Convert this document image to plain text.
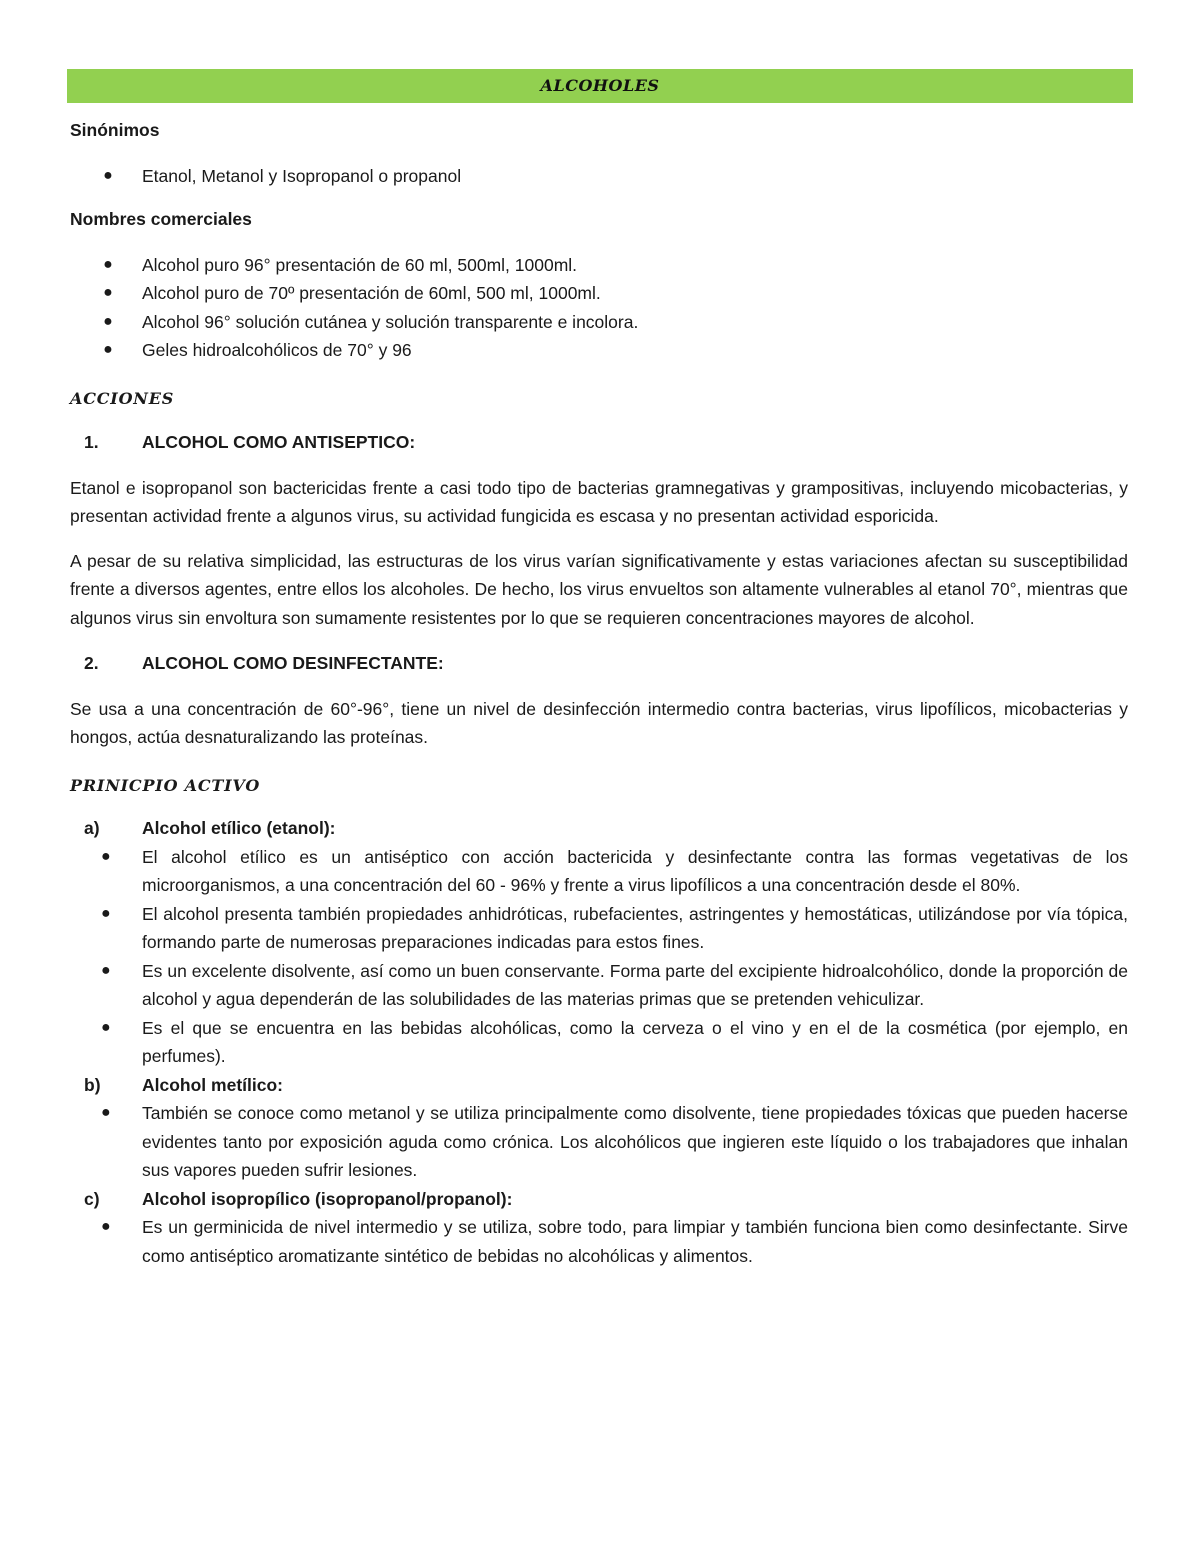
ALCOHOLES
Sinónimos
● Etanol, Metanol y Isopropanol o propanol
Nombres comerciales
● Alcohol puro 96° presentación de 60 ml, 500ml, 1000ml.
● Alcohol puro de 70º presentación de 60ml, 500 ml, 1000ml.
● Alcohol 96° solución cutánea y solución transparente e incolora.
● Geles hidroalcohólicos de 70° y 96
ACCIONES
1.	ALCOHOL COMO ANTISEPTICO:
Etanol e isopropanol son bactericidas frente a casi todo tipo de bacterias gramnegativas y grampositivas, incluyendo micobacterias, y presentan actividad frente a algunos virus, su actividad fungicida es escasa y no presentan actividad esporicida.
A pesar de su relativa simplicidad, las estructuras de los virus varían significativamente y estas variaciones afectan su susceptibilidad frente a diversos agentes, entre ellos los alcoholes. De hecho, los virus envueltos son altamente vulnerables al etanol 70°, mientras que algunos virus sin envoltura son sumamente resistentes por lo que se requieren concentraciones mayores de alcohol.
2.	ALCOHOL COMO DESINFECTANTE:
Se usa a una concentración de 60°-96°, tiene un nivel de desinfección intermedio contra bacterias, virus lipofílicos, micobacterias y hongos, actúa desnaturalizando las proteínas.
PRINICPIO ACTIVO
a)	Alcohol etílico (etanol):
● El alcohol etílico es un antiséptico con acción bactericida y desinfectante contra las formas vegetativas de los microorganismos, a una concentración del 60 - 96% y frente a virus lipofílicos a una concentración desde el 80%.
● El alcohol presenta también propiedades anhidróticas, rubefacientes, astringentes y hemostáticas, utilizándose por vía tópica, formando parte de numerosas preparaciones indicadas para estos fines.
● Es un excelente disolvente, así como un buen conservante. Forma parte del excipiente hidroalcohólico, donde la proporción de alcohol y agua dependerán de las solubilidades de las materias primas que se pretenden vehiculizar.
● Es el que se encuentra en las bebidas alcohólicas, como la cerveza o el vino y en el de la cosmética (por ejemplo, en perfumes).
b)	Alcohol metílico:
● También se conoce como metanol y se utiliza principalmente como disolvente, tiene propiedades tóxicas que pueden hacerse evidentes tanto por exposición aguda como crónica. Los alcohólicos que ingieren este líquido o los trabajadores que inhalan sus vapores pueden sufrir lesiones.
c)	Alcohol isopropílico (isopropanol/propanol):
● Es un germinicida de nivel intermedio y se utiliza, sobre todo, para limpiar y también funciona bien como desinfectante. Sirve como antiséptico aromatizante sintético de bebidas no alcohólicas y alimentos.
